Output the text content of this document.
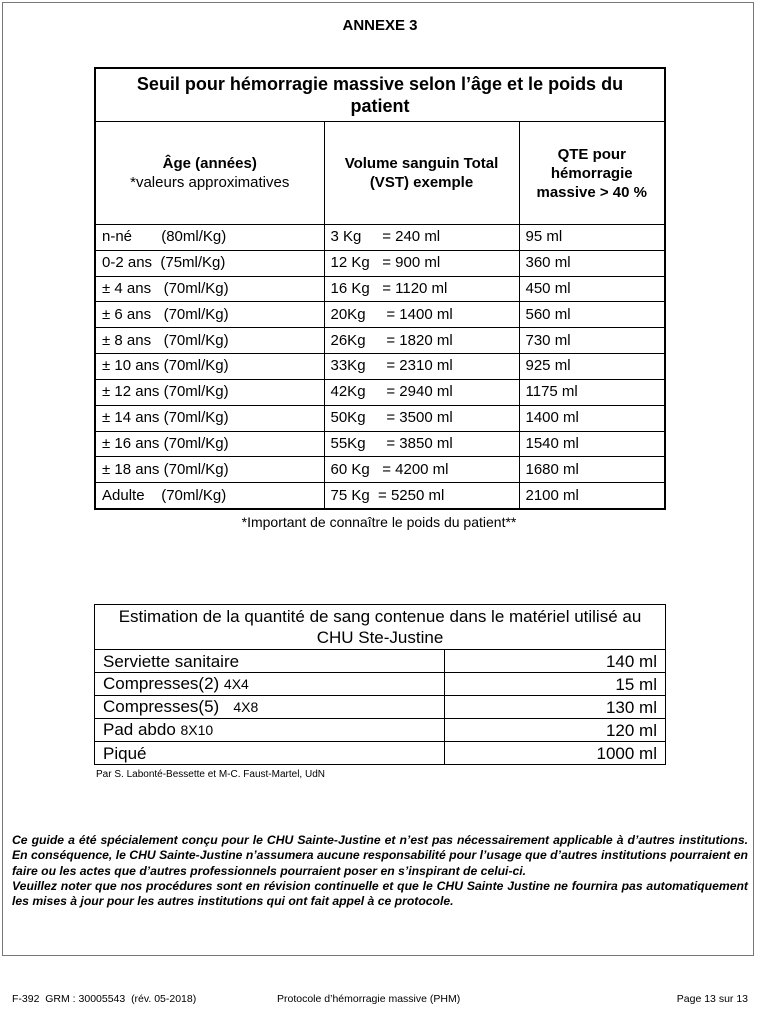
ANNEXE 3
Seuil pour hémorragie massive selon l’âge et le poids du patient		
Âge (années)
*valeurs approximatives	Volume sanguin Total (VST) exemple	QTE pour hémorragie massive > 40 %
n-né       (80ml/Kg)	3 Kg     = 240 ml	95 ml
0-2 ans  (75ml/Kg)	12 Kg   = 900 ml	360 ml
± 4 ans   (70ml/Kg)	16 Kg   = 1120 ml	450 ml
± 6 ans   (70ml/Kg)	20Kg     = 1400 ml	560 ml
± 8 ans   (70ml/Kg)	26Kg     = 1820 ml	730 ml
± 10 ans (70ml/Kg)	33Kg     = 2310 ml	925 ml
± 12 ans (70ml/Kg)	42Kg     = 2940 ml	1175 ml
± 14 ans (70ml/Kg)	50Kg     = 3500 ml	1400 ml
± 16 ans (70ml/Kg)	55Kg     = 3850 ml	1540 ml
± 18 ans (70ml/Kg)	60 Kg   = 4200 ml	1680 ml
Adulte    (70ml/Kg)	75 Kg  = 5250 ml	2100 ml
*Important de connaître le poids du patient**
Estimation de la quantité de sang contenue dans le matériel utilisé au CHU Ste-Justine	
Serviette sanitaire	140 ml
Compresses(2) 4X4	15 ml
Compresses(5)   4X8	130 ml
Pad abdo 8X10	120 ml
Piqué	1000 ml
Par S. Labonté-Bessette et M-C. Faust-Martel, UdN
Ce guide a été spécialement conçu pour le CHU Sainte-Justine et n’est pas nécessairement applicable à d’autres institutions. En conséquence, le CHU Sainte-Justine n’assumera aucune responsabilité pour l’usage que d’autres institutions pourraient en faire ou les actes que d’autres professionnels pourraient poser en s’inspirant de celui-ci.
Veuillez noter que nos procédures sont en révision continuelle et que le CHU Sainte Justine ne fournira pas automatiquement les mises à jour pour les autres institutions qui ont fait appel à ce protocole.
F-392  GRM : 30005543  (rév. 05-2018)	Protocole d’hémorragie massive (PHM)	Page 13 sur 13
